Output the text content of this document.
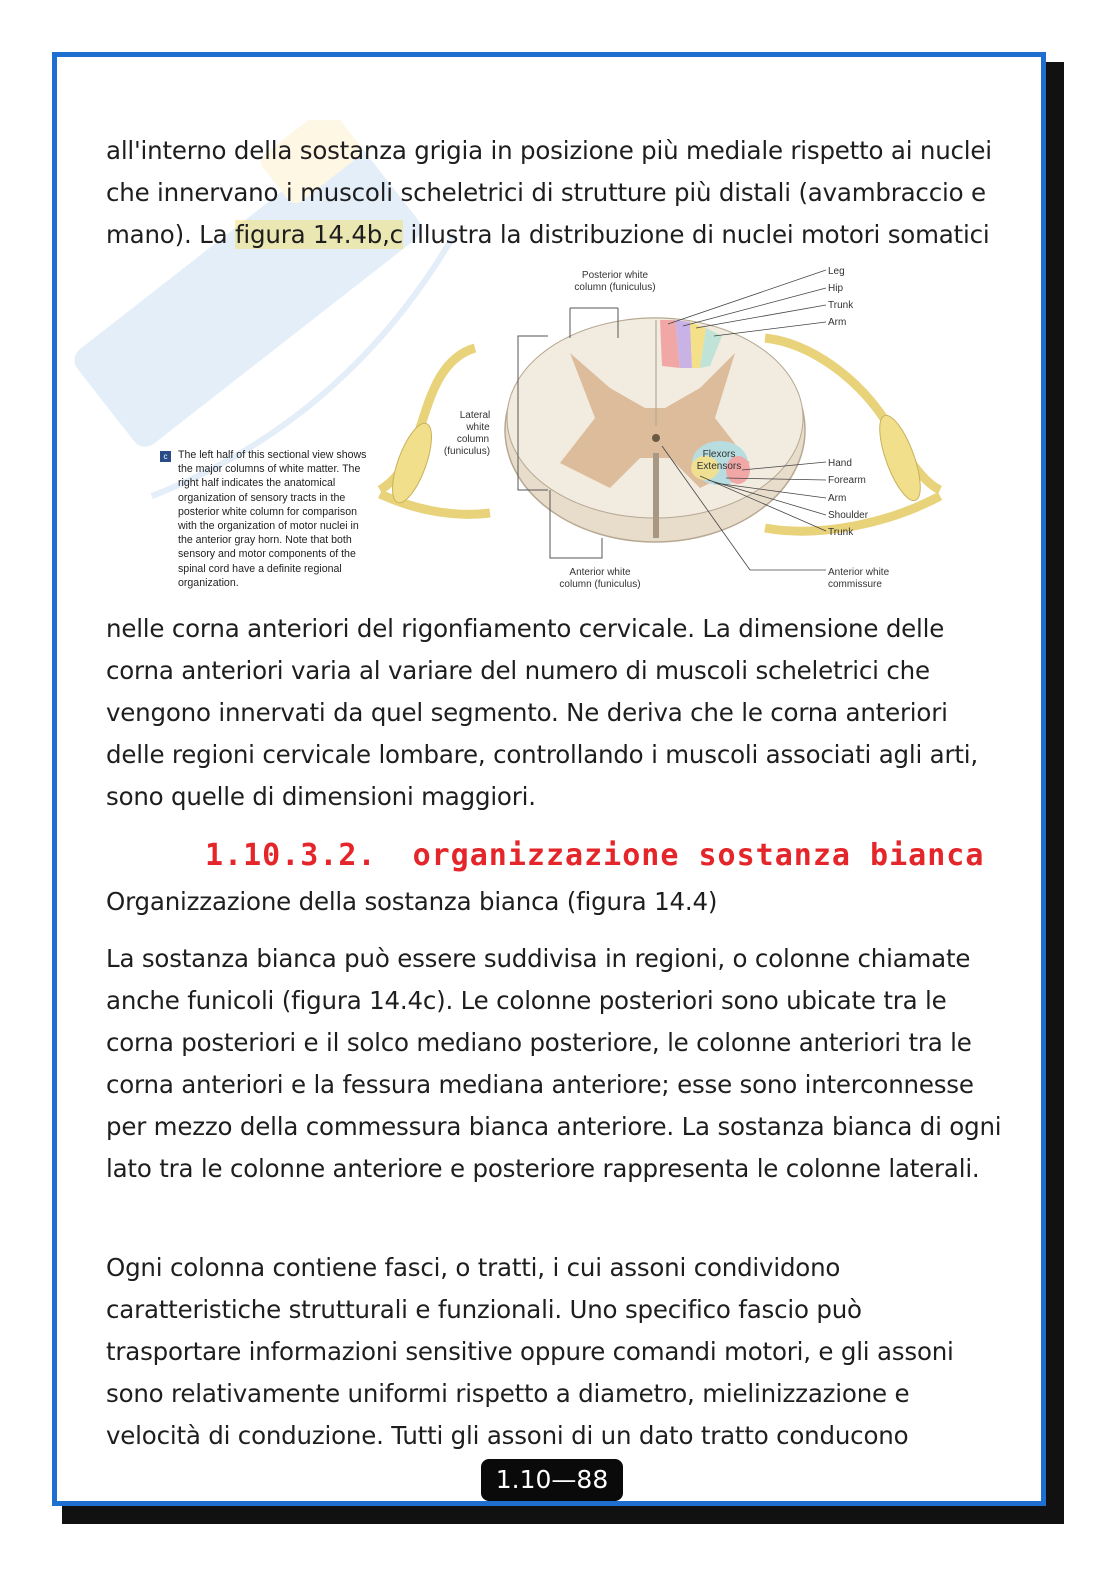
all'interno della sostanza grigia in posizione più mediale rispetto ai nuclei
che innervano i muscoli scheletrici di strutture più distali (avambraccio e
mano). La figura 14.4b,c illustra la distribuzione di nuclei motori somatici
c The left half of this sectional view shows the major columns of white matter. The right half indicates the anatomical organization of sensory tracts in the posterior white column for comparison with the organization of motor nuclei in the anterior gray horn. Note that both sensory and motor components of the spinal cord have a definite regional organization.
Posterior white
column (funiculus)
Lateral
white
column
(funiculus)
Anterior white
column (funiculus)
Flexors
Extensors
Leg
Hip
Trunk
Arm
Hand
Forearm
Arm
Shoulder
Trunk
Anterior white
commissure
nelle corna anteriori del rigonfiamento cervicale. La dimensione delle corna anteriori varia al variare del numero di muscoli scheletrici che vengono innervati da quel segmento. Ne deriva che le corna anteriori delle regioni cervicale lombare, controllando i muscoli associati agli arti, sono quelle di dimensioni maggiori.
1.10.3.2. organizzazione sostanza bianca
Organizzazione della sostanza bianca (figura 14.4)
La sostanza bianca può essere suddivisa in regioni, o colonne chiamate anche funicoli (figura 14.4c). Le colonne posteriori sono ubicate tra le corna posteriori e il solco mediano posteriore, le colonne anteriori tra le corna anteriori e la fessura mediana anteriore; esse sono interconnesse per mezzo della commessura bianca anteriore. La sostanza bianca di ogni lato tra le colonne anteriore e posteriore rappresenta le colonne laterali.
Ogni colonna contiene fasci, o tratti, i cui assoni condividono caratteristiche strutturali e funzionali. Uno specifico fascio può trasportare informazioni sensitive oppure comandi motori, e gli assoni sono relativamente uniformi rispetto a diametro, mielinizzazione e velocità di conduzione. Tutti gli assoni di un dato tratto conducono
1.10—88
